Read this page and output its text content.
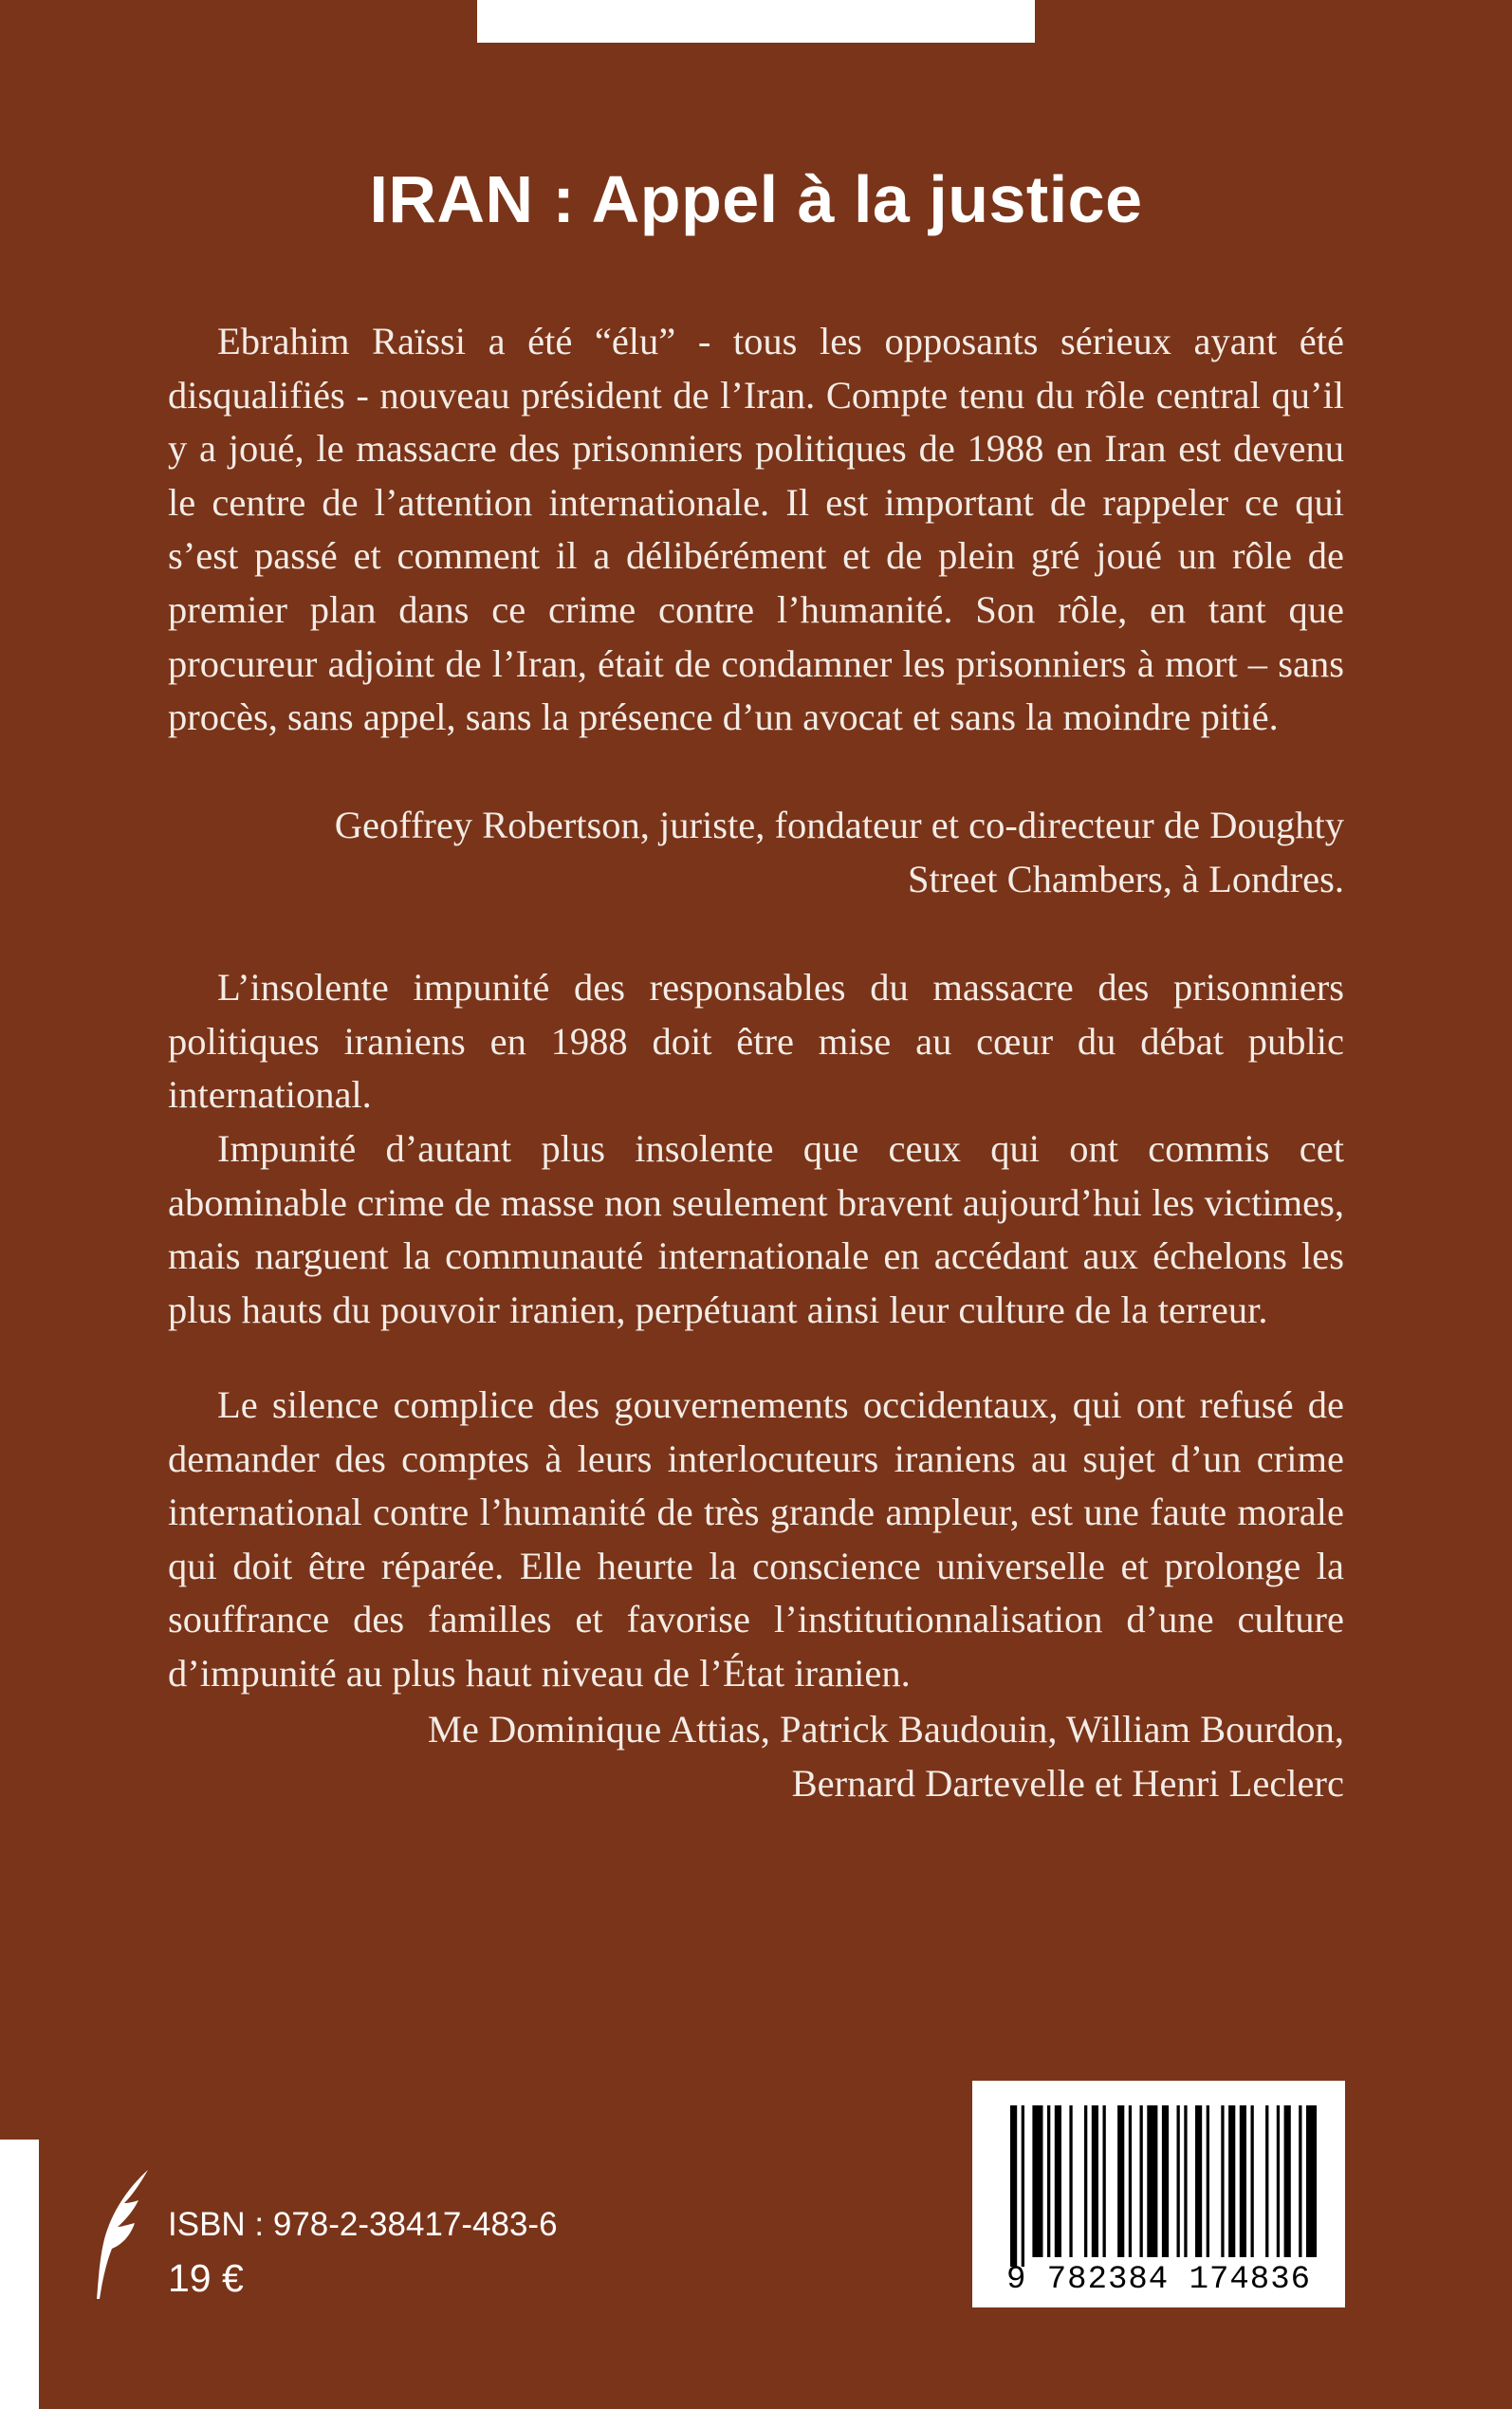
IRAN : Appel à la justice

Ebrahim Raïssi a été “élu” - tous les opposants sérieux ayant été disqualifiés - nouveau président de l’Iran. Compte tenu du rôle central qu’il y a joué, le massacre des prisonniers politiques de 1988 en Iran est devenu le centre de l’attention internationale. Il est important de rappeler ce qui s’est passé et comment il a délibérément et de plein gré joué un rôle de premier plan dans ce crime contre l’humanité. Son rôle, en tant que procureur adjoint de l’Iran, était de condamner les prisonniers à mort – sans procès, sans appel, sans la présence d’un avocat et sans la moindre pitié.

Geoffrey Robertson, juriste, fondateur et co-directeur de Doughty

Street Chambers, à Londres.

L’insolente impunité des responsables du massacre des prisonniers politiques iraniens en 1988 doit être mise au cœur du débat public international.

Impunité d’autant plus insolente que ceux qui ont commis cet abominable crime de masse non seulement bravent aujourd’hui les victimes, mais narguent la communauté internationale en accédant aux échelons les plus hauts du pouvoir iranien, perpétuant ainsi leur culture de la terreur.

Le silence complice des gouvernements occidentaux, qui ont refusé de demander des comptes à leurs interlocuteurs iraniens au sujet d’un crime international contre l’humanité de très grande ampleur, est une faute morale qui doit être réparée. Elle heurte la conscience universelle et prolonge la souffrance des familles et favorise l’institutionnalisation d’une culture d’impunité au plus haut niveau de l’État iranien.

Me Dominique Attias, Patrick Baudouin, William Bourdon,

Bernard Dartevelle et Henri Leclerc

ISBN : 978-2-38417-483-6

19 €	9 782384 174836
